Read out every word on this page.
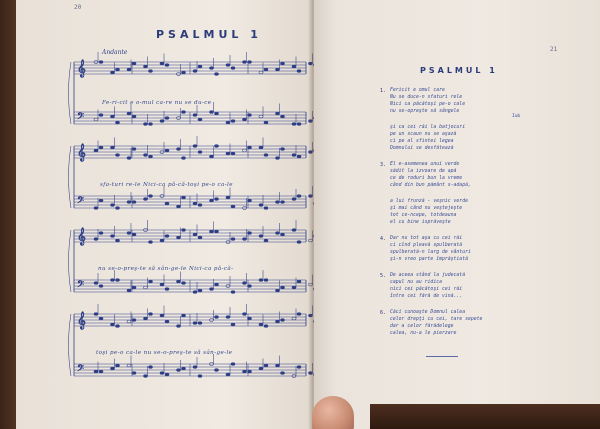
20
PSALMUL 1
Andante
𝄞
𝄢
𝄞
𝄢
𝄞
𝄢
𝄞
𝄢
Fe-ri-cit e o-mul ca-re nu se du-ce
sfa-turi re-le Nici-ca pă-că-toşi pe-o ca-le
nu se-o-preş-te să sân-ge-le Nici-ca pă-că-
toşi pe-o ca-le nu se-o-preş-te să sân-ge-le
21
PSALMUL 1
Iub
1. Fericit e omul care
Nu se duce-n sfaturi rele
Nici ca păcătoşi pe-o cale
nu se-opreşte să sângele
şi ca cei răi la batjocuri
pe un scaun nu se aşază
ci pe al sfintei legea
Domnului se desfătează
3. El e-asemenea unui verde
sădit la izvoare de apă
ce de roduri bun la vreme
când din bun pământ s-adapă,
a lui frunză - veşnic verde
şi mai când nu veştejeşte
tot ce-ncepe, totdeauna
el cu bine isprăveşte
4. Dar nu tot aşa cu cei răi
ci cînd pleavă spulberată
spulberată-n larg de vânturi
şi-n vreo parte împrăştiată
5. De aceea stând la judecată
capul nu au ridica
nici cei păcătoşi cei răi
între cei fără de vină...
6. Căci cunoaşte Domnul calea
celor drepţi cu cei, tare sepete
dar a celor fărădelege
calea, nu-a le pierzare
